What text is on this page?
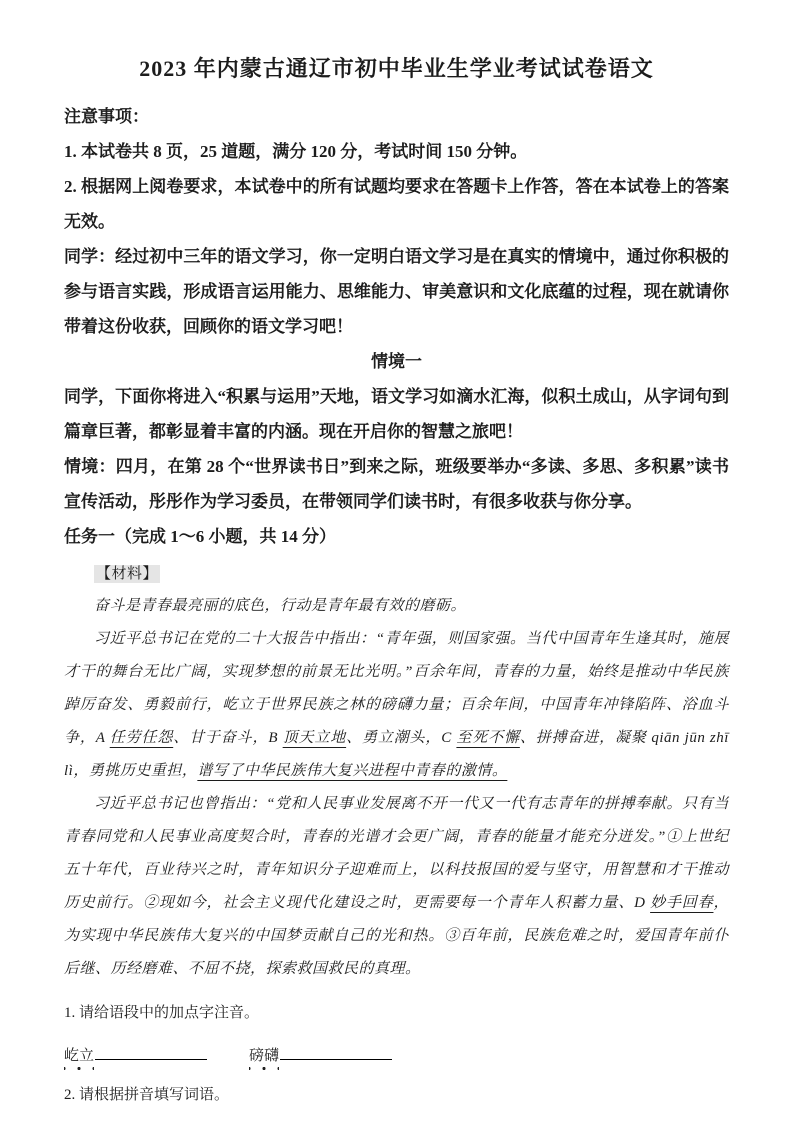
2023 年内蒙古通辽市初中毕业生学业考试试卷语文

注意事项：

1. 本试卷共 8 页，25 道题，满分 120 分，考试时间 150 分钟。

2. 根据网上阅卷要求，本试卷中的所有试题均要求在答题卡上作答，答在本试卷上的答案无效。

同学：经过初中三年的语文学习，你一定明白语文学习是在真实的情境中，通过你积极的参与语言实践，形成语言运用能力、思维能力、审美意识和文化底蕴的过程，现在就请你带着这份收获，回顾你的语文学习吧！

情境一

同学，下面你将进入“积累与运用”天地，语文学习如滴水汇海，似积土成山，从字词句到篇章巨著，都彰显着丰富的内涵。现在开启你的智慧之旅吧！

情境：四月，在第 28 个“世界读书日”到来之际，班级要举办“多读、多思、多积累”读书宣传活动，彤彤作为学习委员，在带领同学们读书时，有很多收获与你分享。

任务一（完成 1～6 小题，共 14 分）

【材料】

奋斗是青春最亮丽的底色，行动是青年最有效的磨砺。

习近平总书记在党的二十大报告中指出：“青年强，则国家强。当代中国青年生逢其时，施展才干的舞台无比广阔，实现梦想的前景无比光明。”百余年间，青春的力量，始终是推动中华民族踔厉奋发、勇毅前行，屹立于世界民族之林的磅礴力量；百余年间，中国青年冲锋陷阵、浴血斗争，A 任劳任怨、甘于奋斗，B 顶天立地、勇立潮头，C 至死不懈、拼搏奋进，凝聚 qiān jūn zhī lì，勇挑历史重担，谱写了中华民族伟大复兴进程中青春的激情。

习近平总书记也曾指出：“党和人民事业发展离不开一代又一代有志青年的拼搏奉献。只有当青春同党和人民事业高度契合时，青春的光谱才会更广阔，青春的能量才能充分迸发。”①上世纪五十年代，百业待兴之时，青年知识分子迎难而上，以科技报国的爱与坚守，用智慧和才干推动历史前行。②现如今，社会主义现代化建设之时，更需要每一个青年人积蓄力量、D 妙手回春，为实现中华民族伟大复兴的中国梦贡献自己的光和热。③百年前，民族危难之时，爱国青年前仆后继、历经磨难、不屈不挠，探索救国救民的真理。

1. 请给语段中的加点字注音。

屹立	磅礴

2. 请根据拼音填写词语。
